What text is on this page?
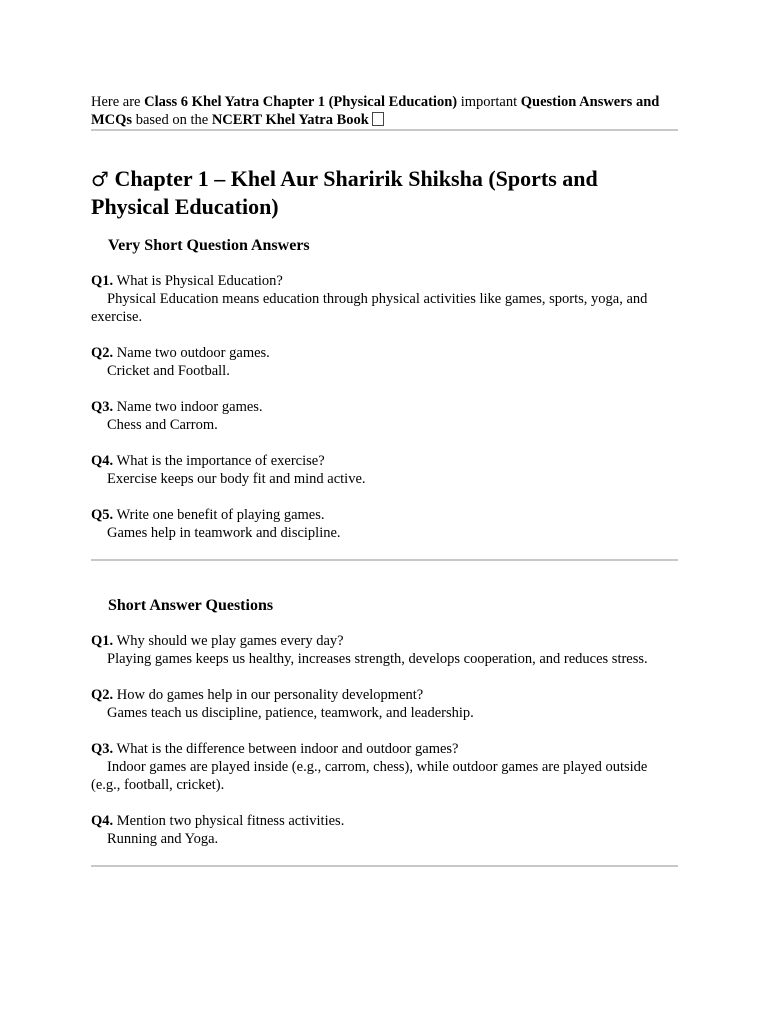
Here are Class 6 Khel Yatra Chapter 1 (Physical Education) important Question Answers and MCQs based on the NCERT Khel Yatra Book

♂ Chapter 1 – Khel Aur Sharirik Shiksha (Sports and Physical Education)
Very Short Question Answers
Q1. What is Physical Education?
Physical Education means education through physical activities like games, sports, yoga, and exercise.
Q2. Name two outdoor games.
Cricket and Football.
Q3. Name two indoor games.
Chess and Carrom.
Q4. What is the importance of exercise?
Exercise keeps our body fit and mind active.
Q5. Write one benefit of playing games.
Games help in teamwork and discipline.
Short Answer Questions
Q1. Why should we play games every day?
Playing games keeps us healthy, increases strength, develops cooperation, and reduces stress.
Q2. How do games help in our personality development?
Games teach us discipline, patience, teamwork, and leadership.
Q3. What is the difference between indoor and outdoor games?
Indoor games are played inside (e.g., carrom, chess), while outdoor games are played outside (e.g., football, cricket).
Q4. Mention two physical fitness activities.
Running and Yoga.
